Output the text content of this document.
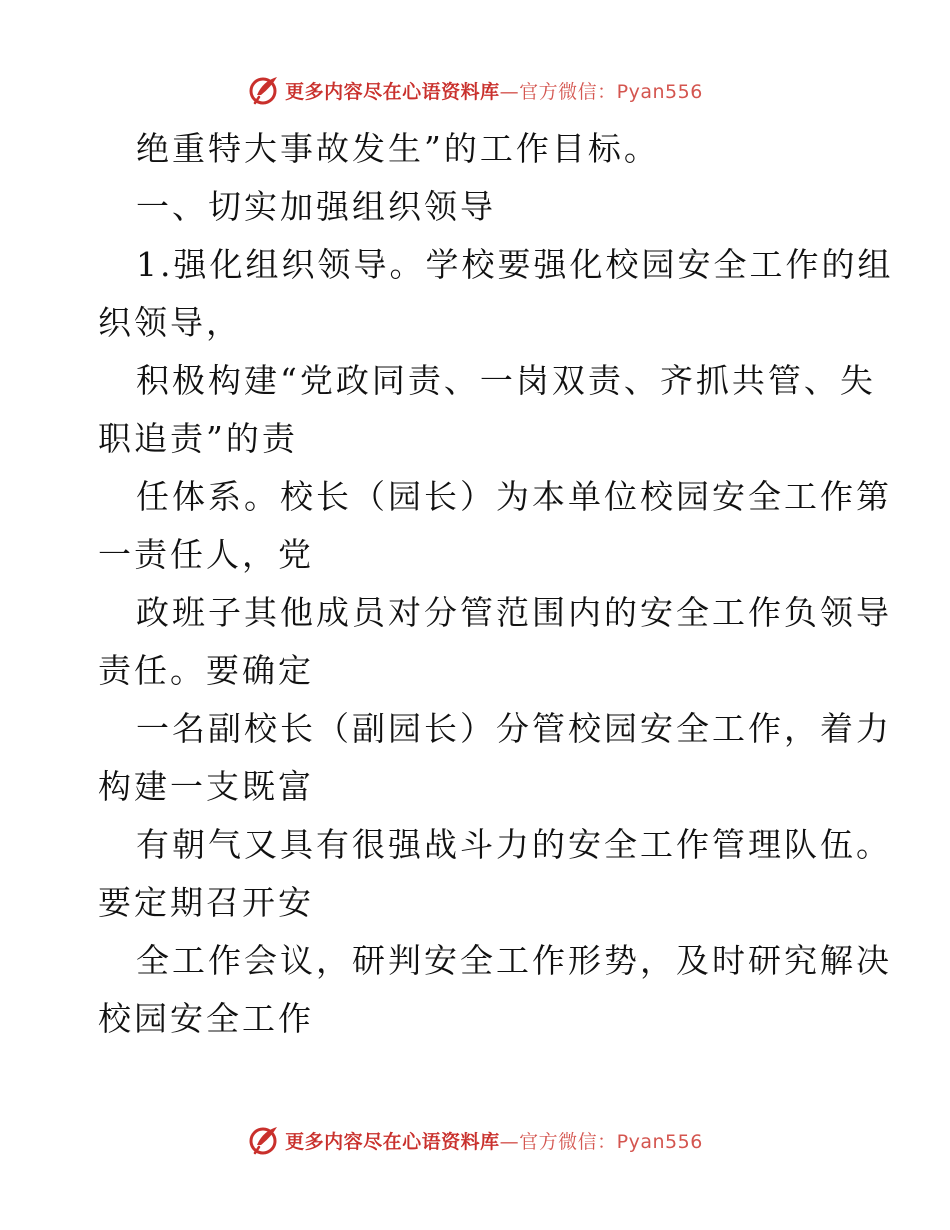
更多内容尽在心语资料库—官方微信：Pyan556
绝重特大事故发生”的工作目标。
一、切实加强组织领导
1.强化组织领导。学校要强化校园安全工作的组
织领导，
积极构建“党政同责、一岗双责、齐抓共管、失
职追责”的责
任体系。校长（园长）为本单位校园安全工作第
一责任人，党
政班子其他成员对分管范围内的安全工作负领导
责任。要确定
一名副校长（副园长）分管校园安全工作，着力
构建一支既富
有朝气又具有很强战斗力的安全工作管理队伍。
要定期召开安
全工作会议，研判安全工作形势，及时研究解决
校园安全工作
更多内容尽在心语资料库—官方微信：Pyan556
